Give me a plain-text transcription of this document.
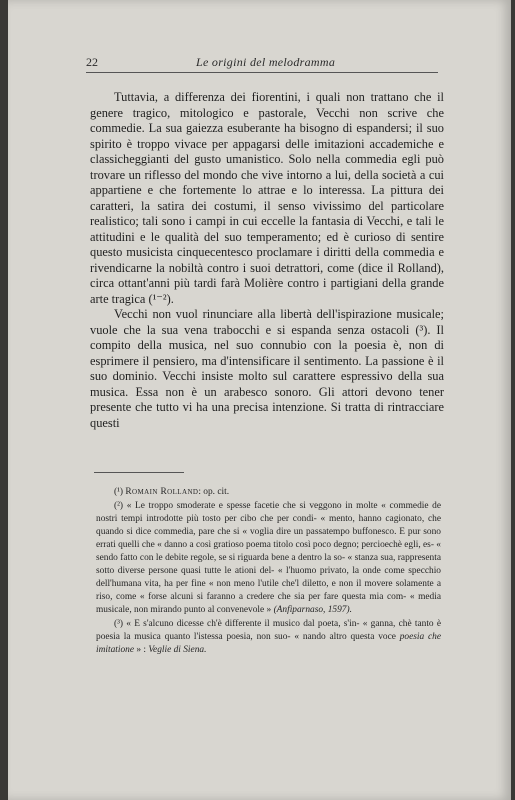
22	Le origini del melodramma

Tuttavia, a differenza dei fiorentini, i quali non trattano che il genere tragico, mitologico e pastorale, Vecchi non scrive che commedie. La sua gaiezza esuberante ha bisogno di espandersi; il suo spirito è troppo vivace per appagarsi delle imitazioni accademiche e classicheggianti del gusto umanistico. Solo nella commedia egli può trovare un riflesso del mondo che vive intorno a lui, della società a cui appartiene e che fortemente lo attrae e lo interessa. La pittura dei caratteri, la satira dei costumi, il senso vivissimo del particolare realistico; tali sono i campi in cui eccelle la fantasia di Vecchi, e tali le attitudini e le qualità del suo temperamento; ed è curioso di sentire questo musicista cinquecentesco proclamare i diritti della commedia e rivendicarne la nobiltà contro i suoi detrattori, come (dice il Rolland), circa ottant'anni più tardi farà Molière contro i partigiani della grande arte tragica (¹⁻²).

Vecchi non vuol rinunciare alla libertà dell'ispirazione musicale; vuole che la sua vena trabocchi e si espanda senza ostacoli (³). Il compito della musica, nel suo connubio con la poesia è, non di esprimere il pensiero, ma d'intensificare il sentimento. La passione è il suo dominio. Vecchi insiste molto sul carattere espressivo della sua musica. Essa non è un arabesco sonoro. Gli attori devono tener presente che tutto vi ha una precisa intenzione. Si tratta di rintracciare questi

(¹) Romain Rolland: op. cit.

(²) « Le troppo smoderate e spesse facetie che si veggono in molte « commedie de nostri tempi introdotte più tosto per cibo che per condi- « mento, hanno cagionato, che quando si dice commedia, pare che si « voglia dire un passatempo buffonesco. E pur sono errati quelli che « danno a così gratioso poema titolo così poco degno; percioechè egli, es- « sendo fatto con le debite regole, se si riguarda bene a dentro la so- « stanza sua, rappresenta sotto diverse persone quasi tutte le ationi del- « l'huomo privato, la onde come specchio dell'humana vita, ha per fine « non meno l'utile che'l diletto, e non il movere solamente a riso, come « forse alcuni si faranno a credere che sia per fare questa mia com- « media musicale, non mirando punto al convenevole » (Anfiparnaso, 1597).

(³) « E s'alcuno dicesse ch'è differente il musico dal poeta, s'in- « ganna, chè tanto è poesia la musica quanto l'istessa poesia, non suo- « nando altro questa voce poesia che imitatione » : Veglie di Siena.
